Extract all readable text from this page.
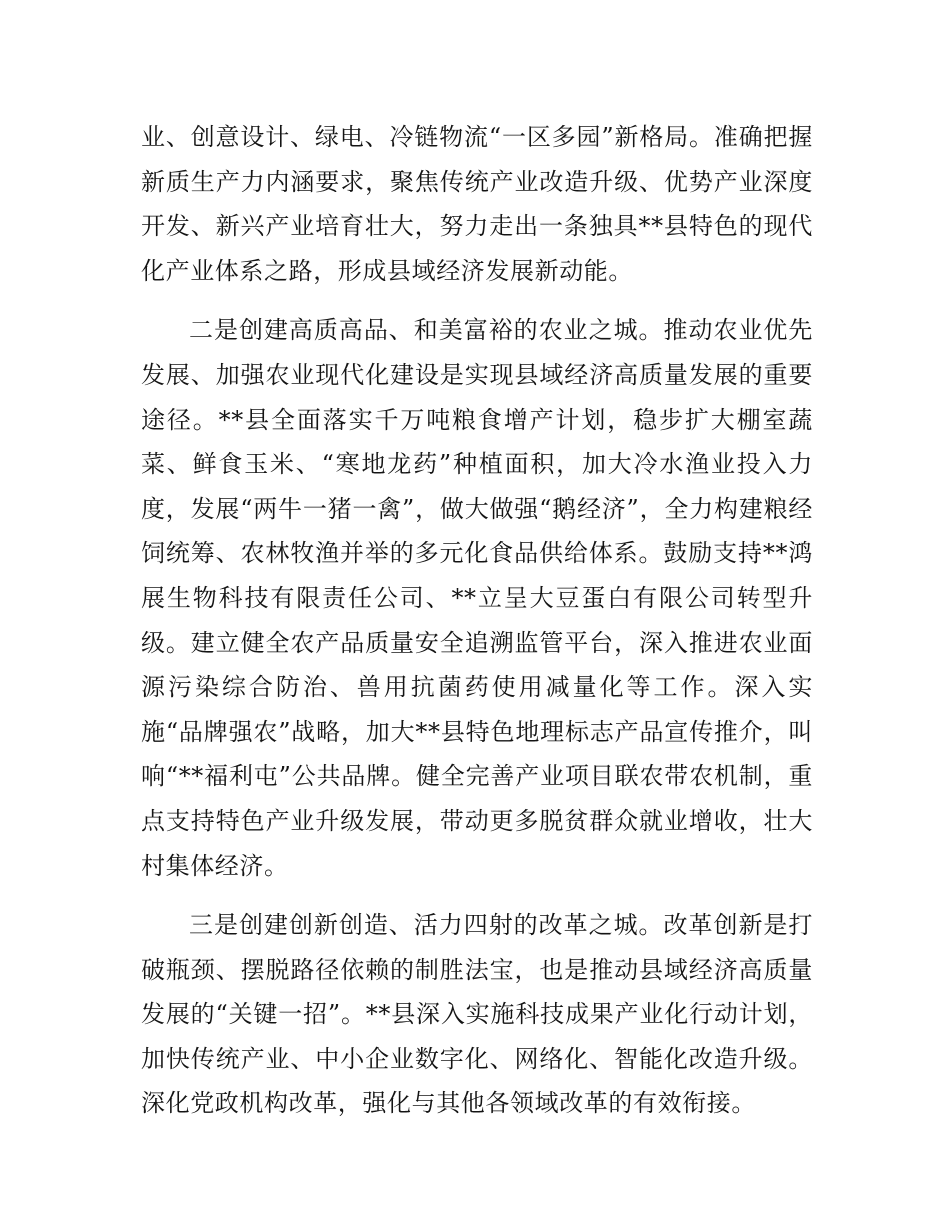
业、创意设计、绿电、冷链物流“一区多园”新格局。准确把握新质生产力内涵要求，聚焦传统产业改造升级、优势产业深度开发、新兴产业培育壮大，努力走出一条独具**县特色的现代化产业体系之路，形成县域经济发展新动能。

二是创建高质高品、和美富裕的农业之城。推动农业优先发展、加强农业现代化建设是实现县域经济高质量发展的重要途径。**县全面落实千万吨粮食增产计划，稳步扩大棚室蔬菜、鲜食玉米、“寒地龙药”种植面积，加大冷水渔业投入力度，发展“两牛一猪一禽”，做大做强“鹅经济”，全力构建粮经饲统筹、农林牧渔并举的多元化食品供给体系。鼓励支持**鸿展生物科技有限责任公司、**立呈大豆蛋白有限公司转型升级。建立健全农产品质量安全追溯监管平台，深入推进农业面源污染综合防治、兽用抗菌药使用减量化等工作。深入实施“品牌强农”战略，加大**县特色地理标志产品宣传推介，叫响“**福利屯”公共品牌。健全完善产业项目联农带农机制，重点支持特色产业升级发展，带动更多脱贫群众就业增收，壮大村集体经济。

三是创建创新创造、活力四射的改革之城。改革创新是打破瓶颈、摆脱路径依赖的制胜法宝，也是推动县域经济高质量发展的“关键一招”。**县深入实施科技成果产业化行动计划，加快传统产业、中小企业数字化、网络化、智能化改造升级。深化党政机构改革，强化与其他各领域改革的有效衔接。
